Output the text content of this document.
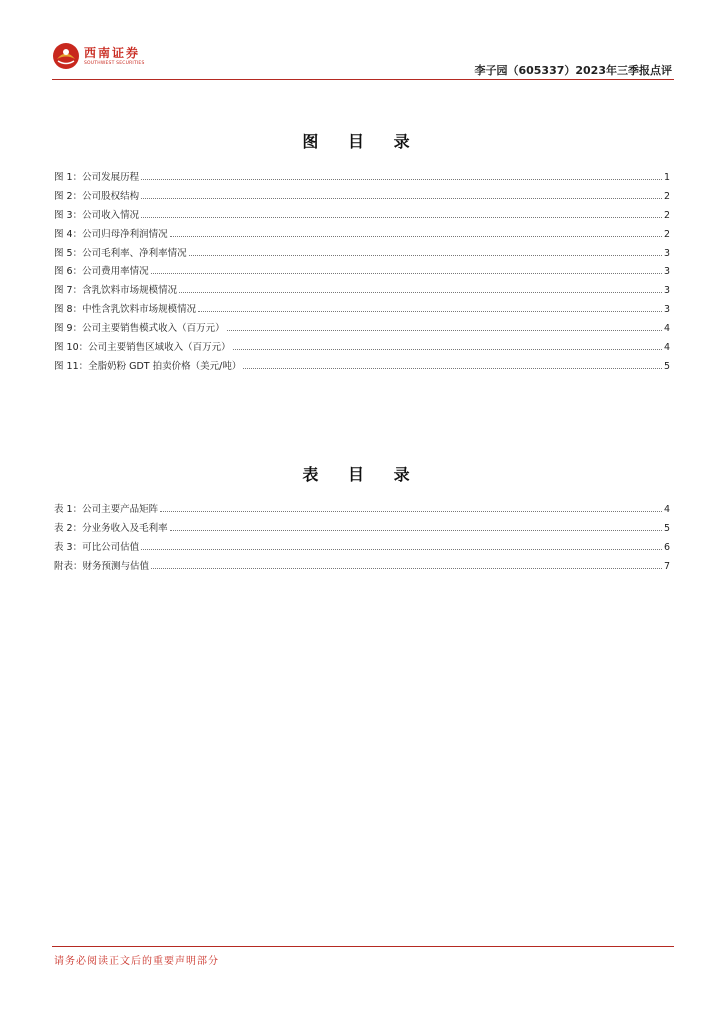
西南证券
SOUTHWEST SECURITIES
李子园（605337）2023年三季报点评
图 目 录
图 1：公司发展历程	1
图 2：公司股权结构	2
图 3：公司收入情况	2
图 4：公司归母净利润情况	2
图 5：公司毛利率、净利率情况	3
图 6：公司费用率情况	3
图 7：含乳饮料市场规模情况	3
图 8：中性含乳饮料市场规模情况	3
图 9：公司主要销售模式收入（百万元）	4
图 10：公司主要销售区域收入（百万元）	4
图 11：全脂奶粉 GDT 拍卖价格（美元/吨）	5
表 目 录
表 1：公司主要产品矩阵	4
表 2：分业务收入及毛利率	5
表 3：可比公司估值	6
附表：财务预测与估值	7
请务必阅读正文后的重要声明部分
